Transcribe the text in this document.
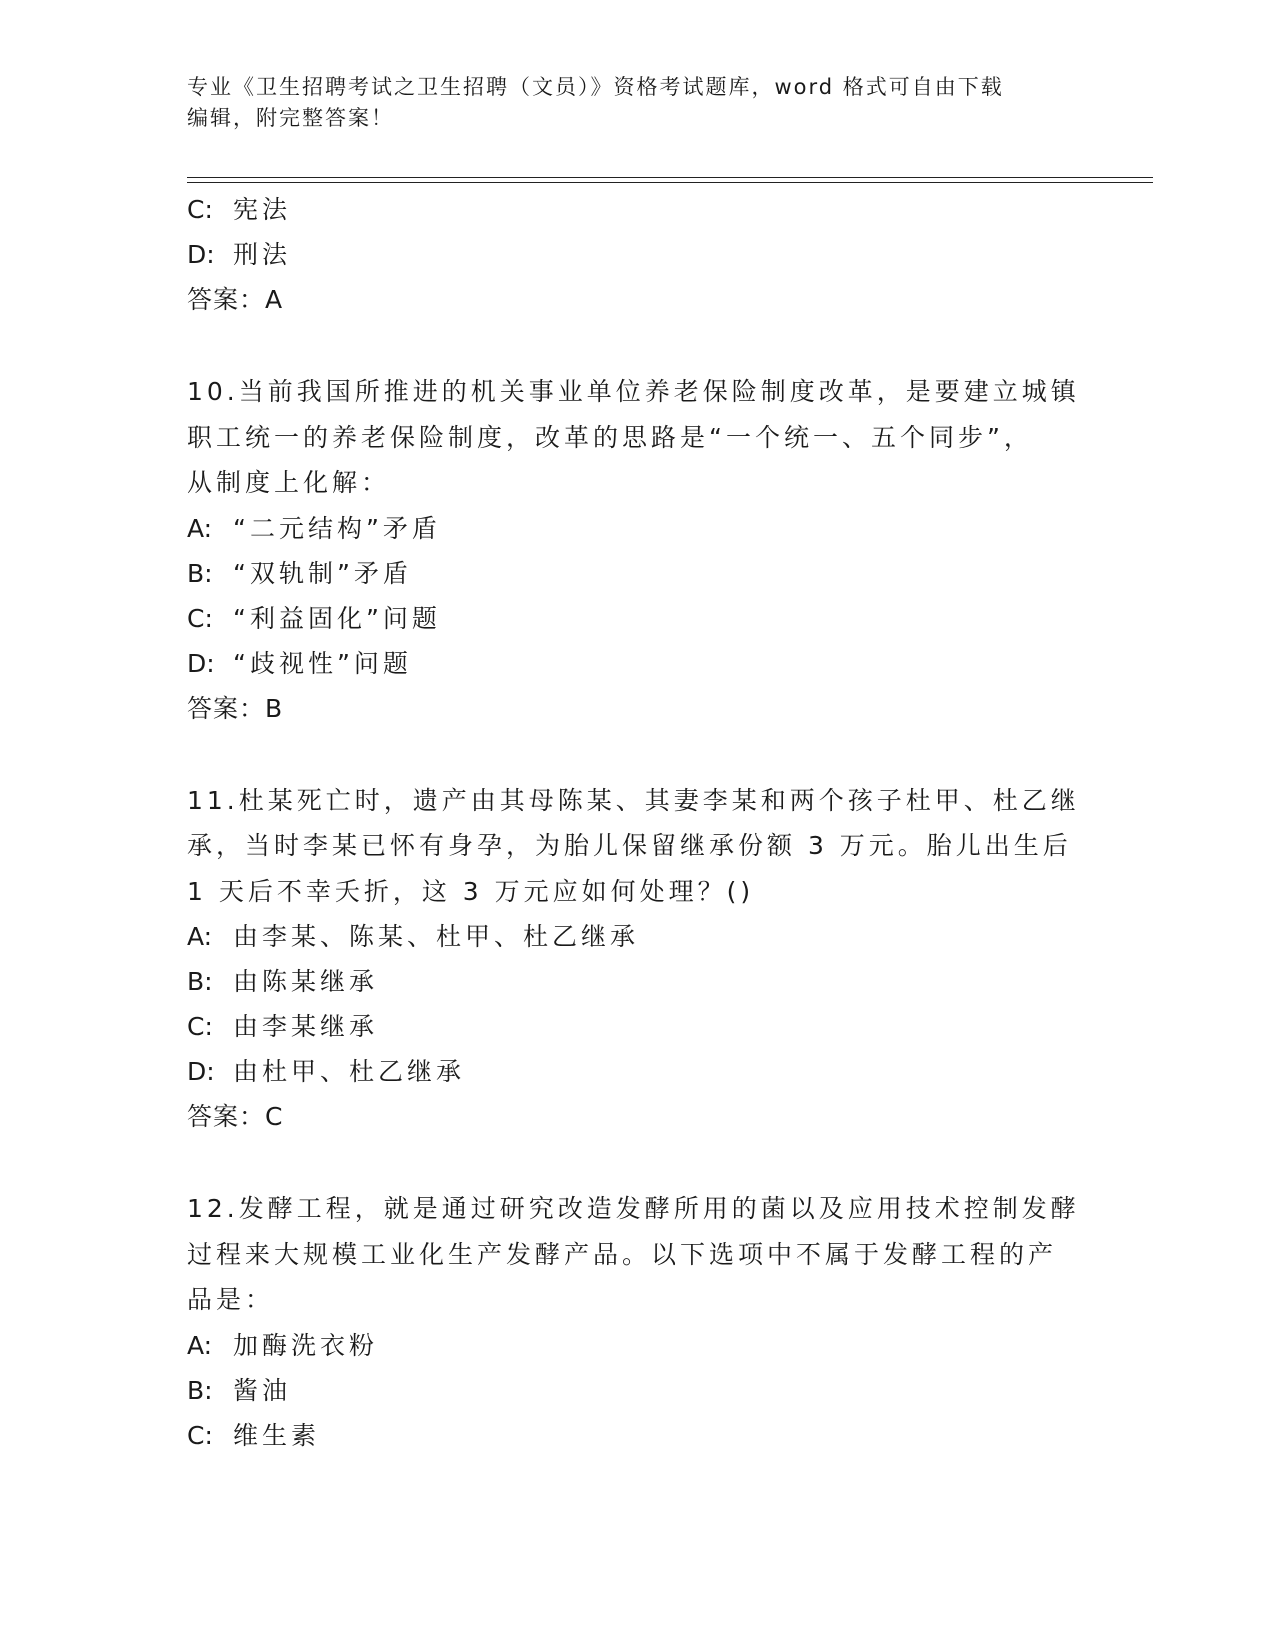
专业《卫生招聘考试之卫生招聘（文员）》资格考试题库，word 格式可自由下载
编辑，附完整答案！
C: 宪法
D: 刑法
答案：A
10.当前我国所推进的机关事业单位养老保险制度改革，是要建立城镇
职工统一的养老保险制度，改革的思路是“一个统一、五个同步”，
从制度上化解：
A: “二元结构”矛盾
B: “双轨制”矛盾
C: “利益固化”问题
D: “歧视性”问题
答案：B
11.杜某死亡时，遗产由其母陈某、其妻李某和两个孩子杜甲、杜乙继
承，当时李某已怀有身孕，为胎儿保留继承份额 3 万元。胎儿出生后
1 天后不幸夭折，这 3 万元应如何处理？()
A: 由李某、陈某、杜甲、杜乙继承
B: 由陈某继承
C: 由李某继承
D: 由杜甲、杜乙继承
答案：C
12.发酵工程，就是通过研究改造发酵所用的菌以及应用技术控制发酵
过程来大规模工业化生产发酵产品。以下选项中不属于发酵工程的产
品是：
A: 加酶洗衣粉
B: 酱油
C: 维生素
